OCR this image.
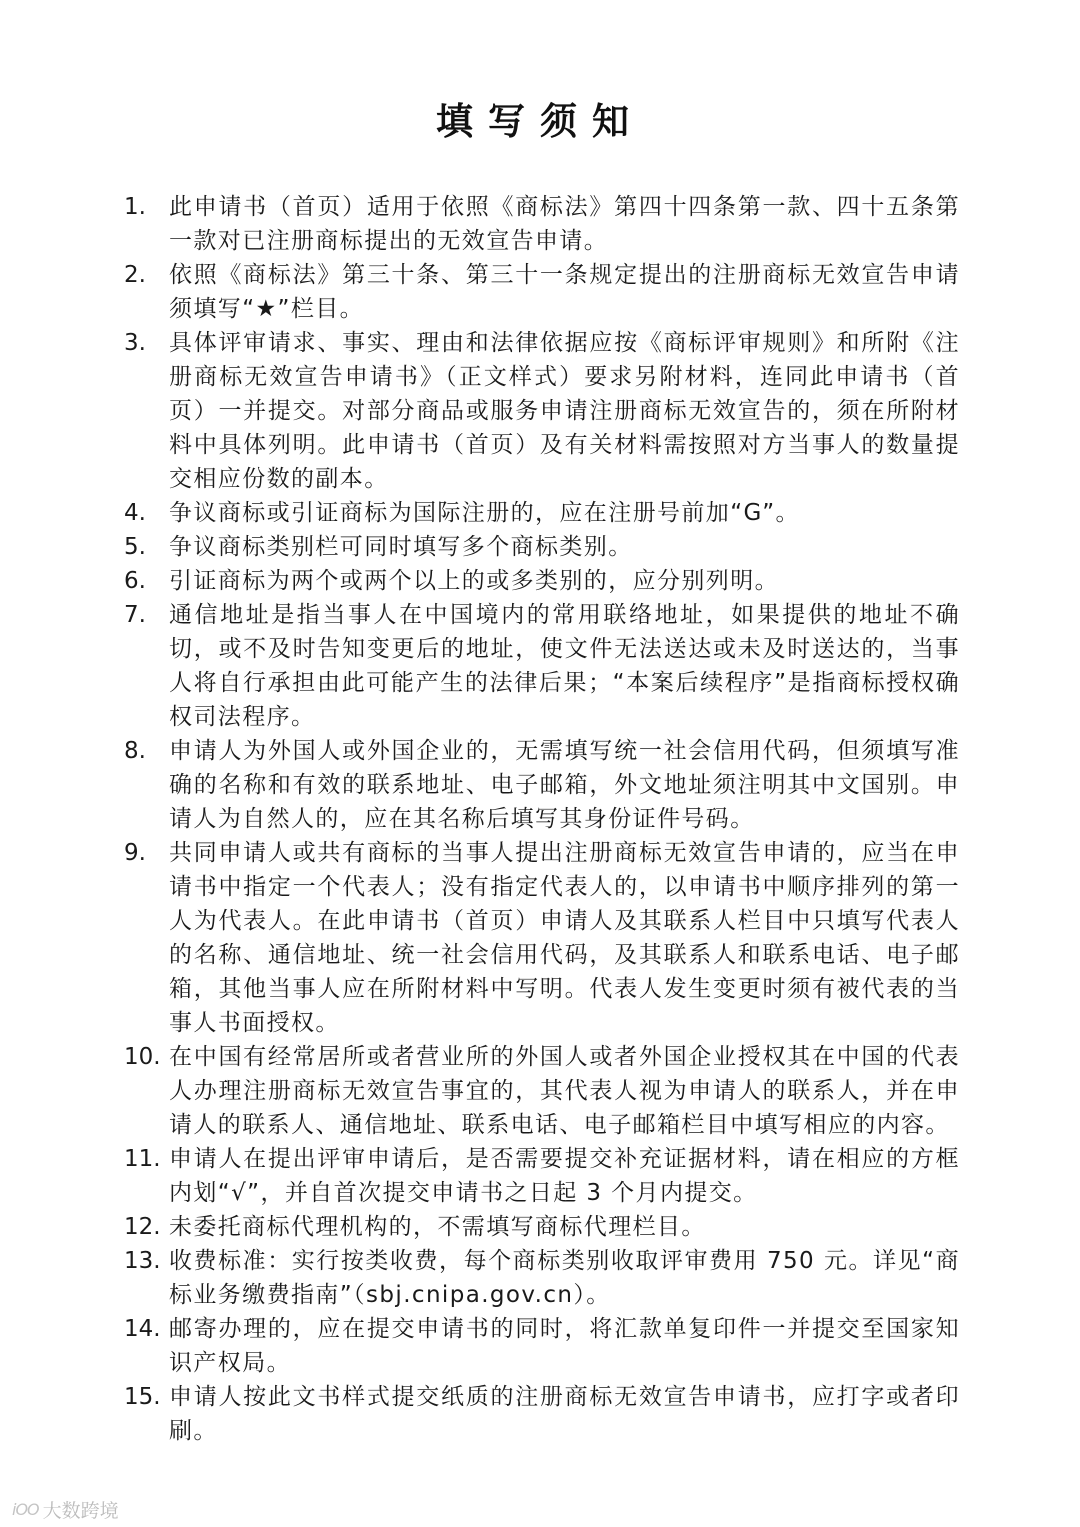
填写须知
1.	此申请书（首页）适用于依照《商标法》第四十四条第一款、四十五条第一款对已注册商标提出的无效宣告申请。
2.	依照《商标法》第三十条、第三十一条规定提出的注册商标无效宣告申请须填写“★”栏目。
3.	具体评审请求、事实、理由和法律依据应按《商标评审规则》和所附《注册商标无效宣告申请书》（正文样式）要求另附材料，连同此申请书（首页）一并提交。对部分商品或服务申请注册商标无效宣告的，须在所附材料中具体列明。此申请书（首页）及有关材料需按照对方当事人的数量提交相应份数的副本。
4.	争议商标或引证商标为国际注册的，应在注册号前加“G”。
5.	争议商标类别栏可同时填写多个商标类别。
6.	引证商标为两个或两个以上的或多类别的，应分别列明。
7.	通信地址是指当事人在中国境内的常用联络地址，如果提供的地址不确切，或不及时告知变更后的地址，使文件无法送达或未及时送达的，当事人将自行承担由此可能产生的法律后果；“本案后续程序”是指商标授权确权司法程序。
8.	申请人为外国人或外国企业的，无需填写统一社会信用代码，但须填写准确的名称和有效的联系地址、电子邮箱，外文地址须注明其中文国别。申请人为自然人的，应在其名称后填写其身份证件号码。
9.	共同申请人或共有商标的当事人提出注册商标无效宣告申请的，应当在申请书中指定一个代表人；没有指定代表人的，以申请书中顺序排列的第一人为代表人。在此申请书（首页）申请人及其联系人栏目中只填写代表人的名称、通信地址、统一社会信用代码，及其联系人和联系电话、电子邮箱，其他当事人应在所附材料中写明。代表人发生变更时须有被代表的当事人书面授权。
10. 在中国有经常居所或者营业所的外国人或者外国企业授权其在中国的代表人办理注册商标无效宣告事宜的，其代表人视为申请人的联系人，并在申请人的联系人、通信地址、联系电话、电子邮箱栏目中填写相应的内容。
11. 申请人在提出评审申请后，是否需要提交补充证据材料，请在相应的方框内划“√”，并自首次提交申请书之日起 3 个月内提交。
12. 未委托商标代理机构的，不需填写商标代理栏目。
13. 收费标准：实行按类收费，每个商标类别收取评审费用 750 元。详见“商标业务缴费指南”（sbj.cnipa.gov.cn）。
14. 邮寄办理的，应在提交申请书的同时，将汇款单复印件一并提交至国家知识产权局。
15. 申请人按此文书样式提交纸质的注册商标无效宣告申请书，应打字或者印刷。
iOO 大数跨境
